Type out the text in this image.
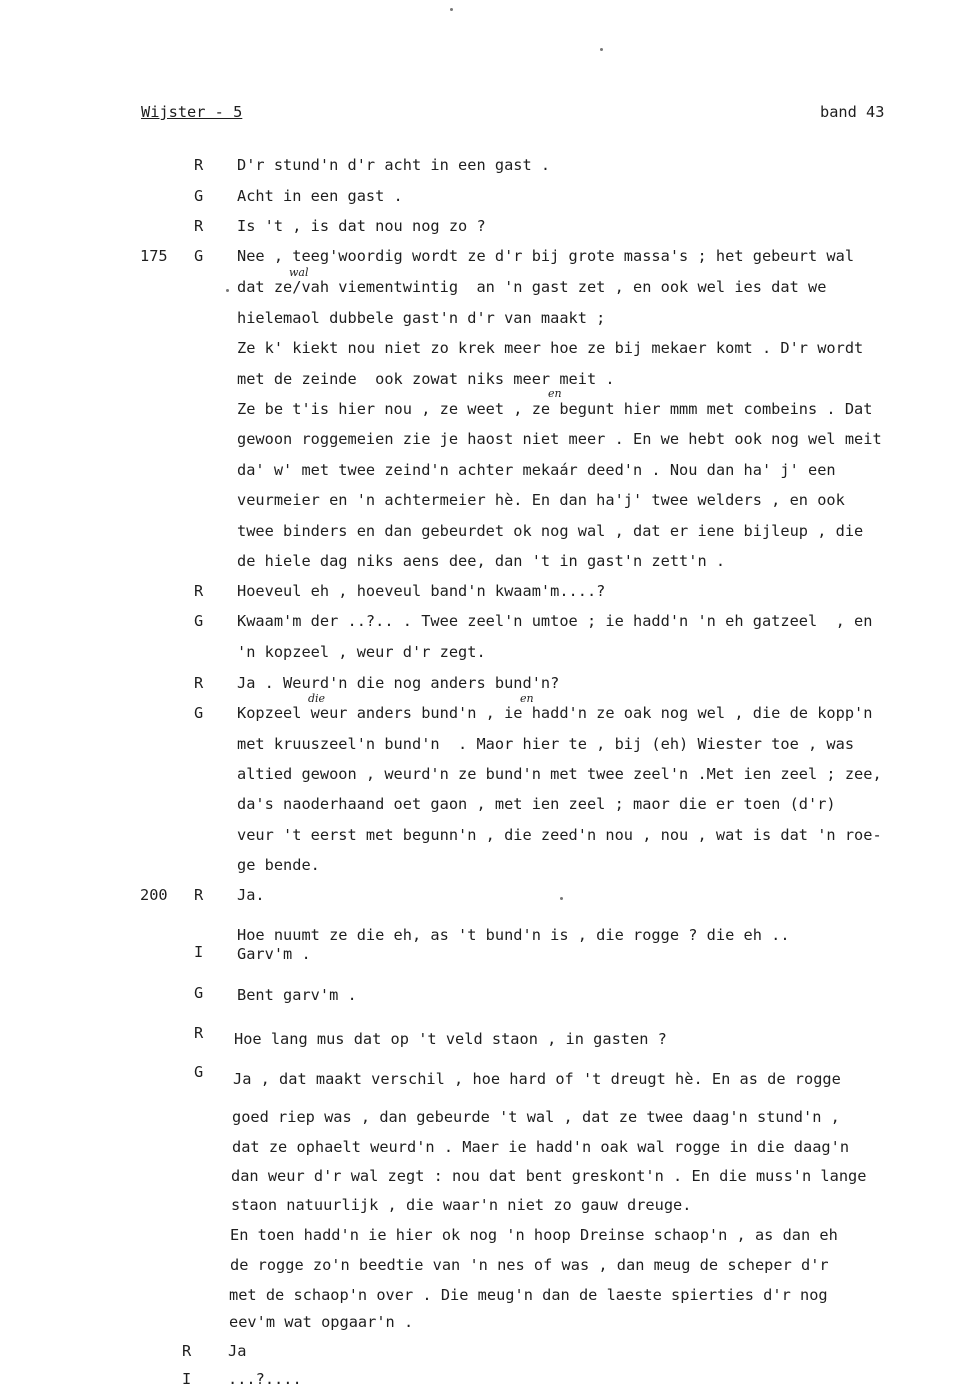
Wijster - 5	band 43
175
200
R
G
R
G
R
G
R
G
R
I
G
R
G
R
I
D'r stund'n d'r acht in een gast .
Acht in een gast .
Is 't , is dat nou nog zo ?
Nee , teeg'woordig wordt ze d'r bij grote massa's ; het gebeurt wal
dat ze/vah viementwintig  an 'n gast zet , en ook wel ies dat we
hielemaol dubbele gast'n d'r van maakt ;
Ze k' kiekt nou niet zo krek meer hoe ze bij mekaer komt . D'r wordt
met de zeinde  ook zowat niks meer meit .
Ze be t'is hier nou , ze weet , ze begunt hier mmm met combeins . Dat
gewoon roggemeien zie je haost niet meer . En we hebt ook nog wel meit
da' w' met twee zeind'n achter mekaár deed'n . Nou dan ha' j' een
veurmeier en 'n achtermeier hè. En dan ha'j' twee welders , en ook
twee binders en dan gebeurdet ok nog wal , dat er iene bijleup , die
de hiele dag niks aens dee, dan 't in gast'n zett'n .
Hoeveul eh , hoeveul band'n kwaam'm....?
Kwaam'm der ..?.. . Twee zeel'n umtoe ; ie hadd'n 'n eh gatzeel  , en
'n kopzeel , weur d'r zegt.
Ja . Weurd'n die nog anders bund'n?
Kopzeel weur anders bund'n , ie hadd'n ze oak nog wel , die de kopp'n
met kruuszeel'n bund'n  . Maor hier te , bij (eh) Wiester toe , was
altied gewoon , weurd'n ze bund'n met twee zeel'n .Met ien zeel ; zee,
da's naoderhaand oet gaon , met ien zeel ; maor die er toen (d'r)
veur 't eerst met begunn'n , die zeed'n nou , nou , wat is dat 'n roe-
ge bende.
Ja.
Hoe nuumt ze die eh, as 't bund'n is , die rogge ? die eh ..
Garv'm .
Bent garv'm .
Hoe lang mus dat op 't veld staon , in gasten ?
Ja , dat maakt verschil , hoe hard of 't dreugt hè. En as de rogge
goed riep was , dan gebeurde 't wal , dat ze twee daag'n stund'n ,
dat ze ophaelt weurd'n . Maer ie hadd'n oak wal rogge in die daag'n
dan weur d'r wal zegt : nou dat bent greskont'n . En die muss'n lange
staon natuurlijk , die waar'n niet zo gauw dreuge.
En toen hadd'n ie hier ok nog 'n hoop Dreinse schaop'n , as dan eh
de rogge zo'n beedtie van 'n nes of was , dan meug de scheper d'r
met de schaop'n over . Die meug'n dan de laeste spierties d'r nog
eev'm wat opgaar'n .
Ja
...?....
wal
en
en
die
